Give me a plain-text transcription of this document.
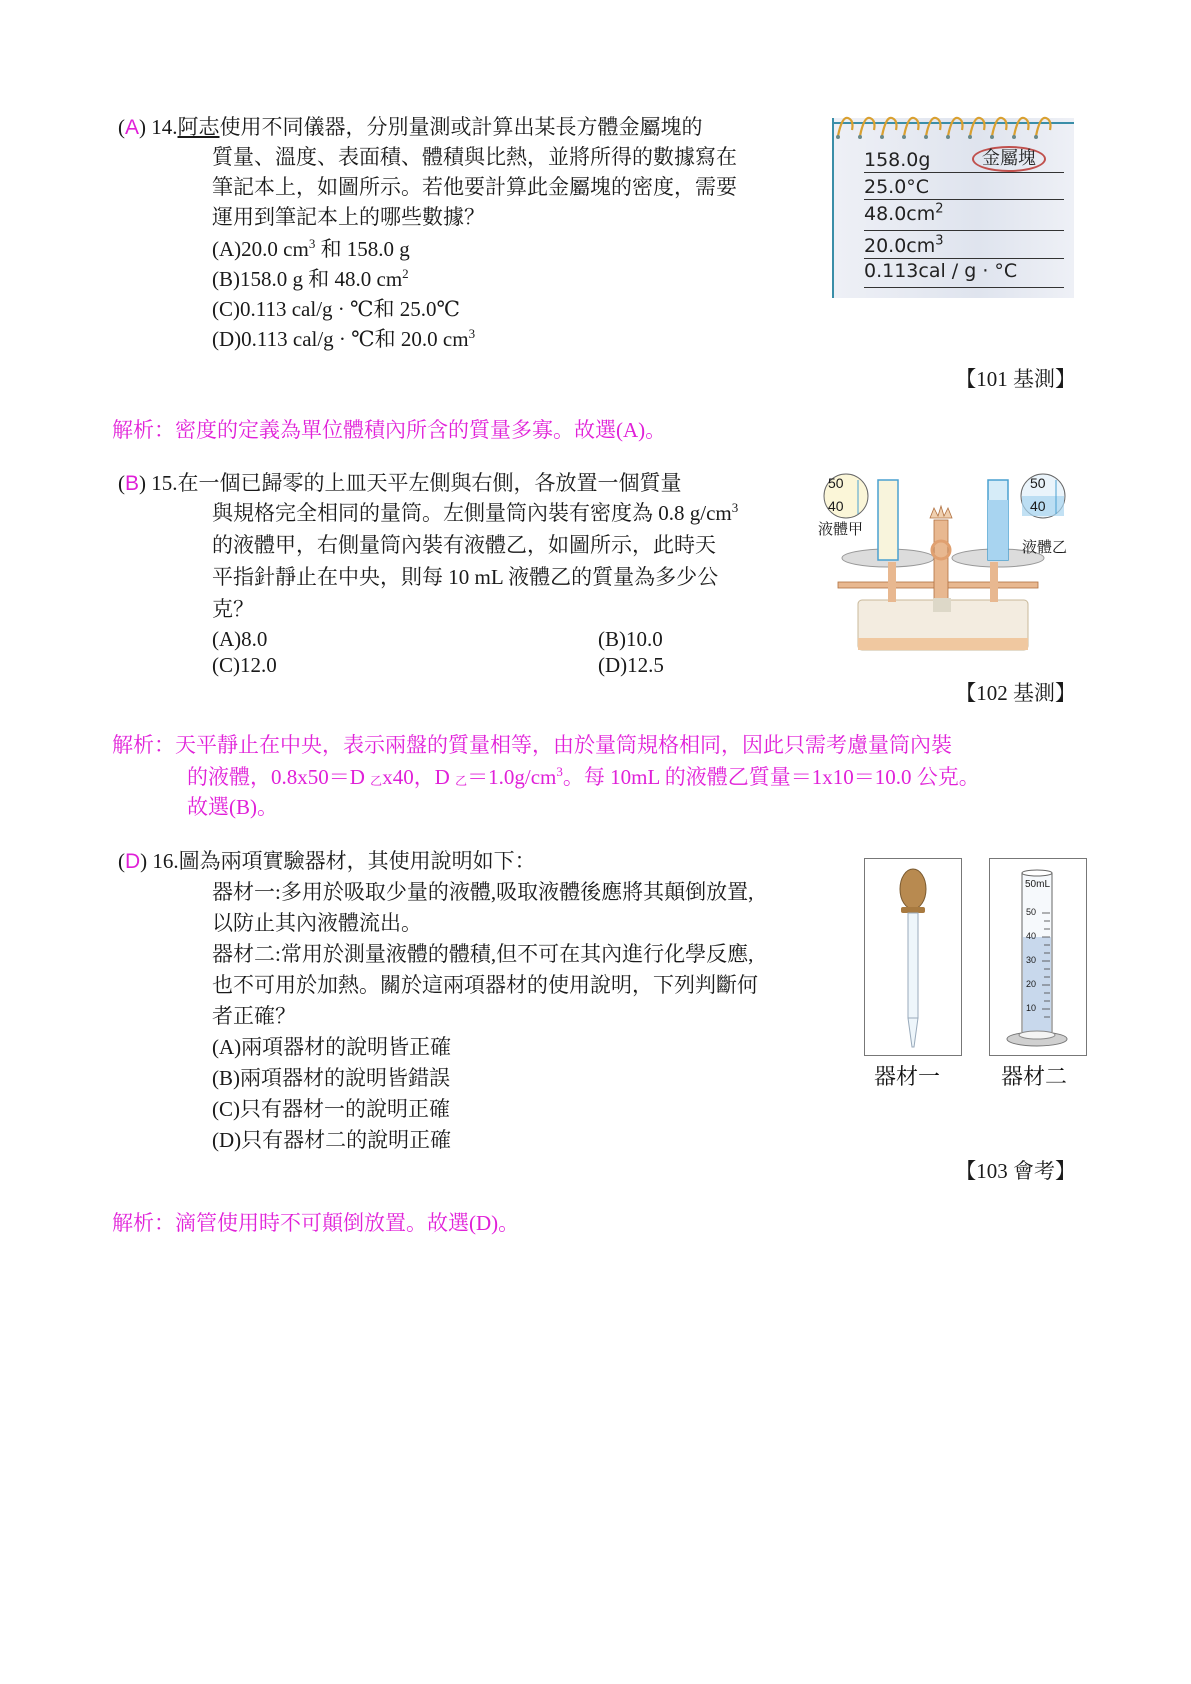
(A) 14.阿志使用不同儀器，分別量測或計算出某長方體金屬塊的
質量、溫度、表面積、體積與比熱，並將所得的數據寫在
筆記本上，如圖所示。若他要計算此金屬塊的密度，需要
運用到筆記本上的哪些數據？
(A)20.0 $cm^3$ 和 158.0 g
(B)158.0 g 和 48.0 $cm^2$
(C)0.113 cal/g · ℃和 25.0℃
(D)0.113 cal/g · ℃和 20.0 $cm^3$
158.0g	金屬塊
25.0°C
$48.0cm^2$
$20.0cm^3$
0.113cal / g · °C
【101 基測】
解析：密度的定義為單位體積內所含的質量多寡。故選(A)。
(B) 15.在一個已歸零的上皿天平左側與右側，各放置一個質量
與規格完全相同的量筒。左側量筒內裝有密度為 0.8 $g/cm^3$
的液體甲，右側量筒內裝有液體乙，如圖所示，此時天
平指針靜止在中央，則每 10 mL 液體乙的質量為多少公
克？
(A)8.0	(B)10.0
(C)12.0	(D)12.5
50
40
50
40
液體甲
液體乙
【102 基測】
解析：天平靜止在中央，表示兩盤的質量相等，由於量筒規格相同，因此只需考慮量筒內裝
的液體，0.8x50＝D 乙x40，D 乙$=1.0g/cm^3$。每 10mL 的液體乙質量＝1x10＝10.0 公克。
故選(B)。
(D) 16.圖為兩項實驗器材，其使用說明如下：
器材一:多用於吸取少量的液體,吸取液體後應將其顛倒放置,
以防止其內液體流出。
器材二:常用於測量液體的體積,但不可在其內進行化學反應,
也不可用於加熱。關於這兩項器材的使用說明，下列判斷何
者正確？
(A)兩項器材的說明皆正確
(B)兩項器材的說明皆錯誤
(C)只有器材一的說明正確
(D)只有器材二的說明正確
50mL
50
40
30
20
10
器材一	器材二
【103 會考】
解析：滴管使用時不可顛倒放置。故選(D)。
